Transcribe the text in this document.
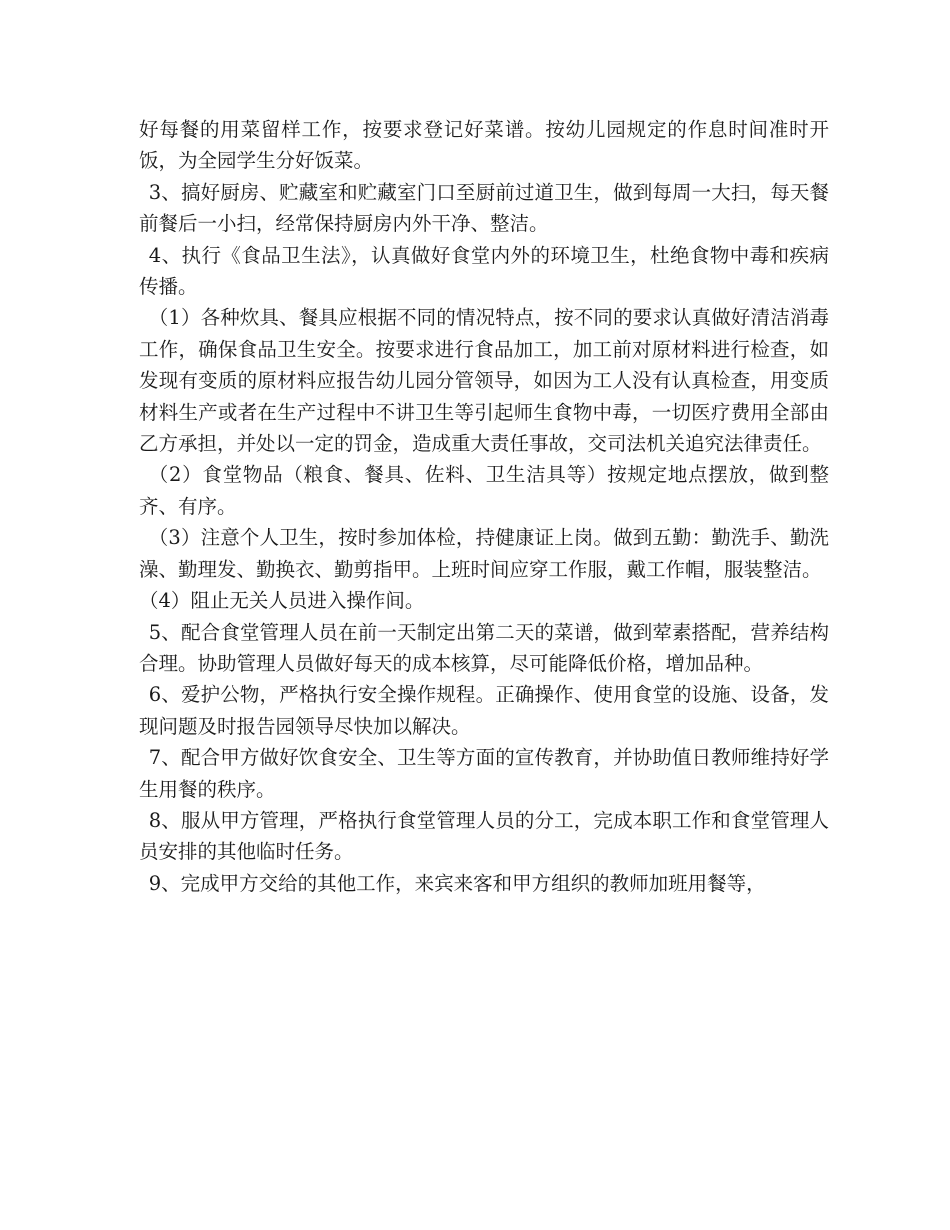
好每餐的用菜留样工作，按要求登记好菜谱。按幼儿园规定的作息时间准时开饭，为全园学生分好饭菜。

3、搞好厨房、贮藏室和贮藏室门口至厨前过道卫生，做到每周一大扫，每天餐前餐后一小扫，经常保持厨房内外干净、整洁。

4、执行《食品卫生法》，认真做好食堂内外的环境卫生，杜绝食物中毒和疾病传播。

（1）各种炊具、餐具应根据不同的情况特点，按不同的要求认真做好清洁消毒工作，确保食品卫生安全。按要求进行食品加工，加工前对原材料进行检查，如发现有变质的原材料应报告幼儿园分管领导，如因为工人没有认真检查，用变质材料生产或者在生产过程中不讲卫生等引起师生食物中毒，一切医疗费用全部由乙方承担，并处以一定的罚金，造成重大责任事故，交司法机关追究法律责任。

（2）食堂物品（粮食、餐具、佐料、卫生洁具等）按规定地点摆放，做到整齐、有序。

（3）注意个人卫生，按时参加体检，持健康证上岗。做到五勤：勤洗手、勤洗澡、勤理发、勤换衣、勤剪指甲。上班时间应穿工作服，戴工作帽，服装整洁。

（4）阻止无关人员进入操作间。

5、配合食堂管理人员在前一天制定出第二天的菜谱，做到荤素搭配，营养结构合理。协助管理人员做好每天的成本核算，尽可能降低价格，增加品种。

6、爱护公物，严格执行安全操作规程。正确操作、使用食堂的设施、设备，发现问题及时报告园领导尽快加以解决。

7、配合甲方做好饮食安全、卫生等方面的宣传教育，并协助值日教师维持好学生用餐的秩序。

8、服从甲方管理，严格执行食堂管理人员的分工，完成本职工作和食堂管理人员安排的其他临时任务。

9、完成甲方交给的其他工作，来宾来客和甲方组织的教师加班用餐等，
